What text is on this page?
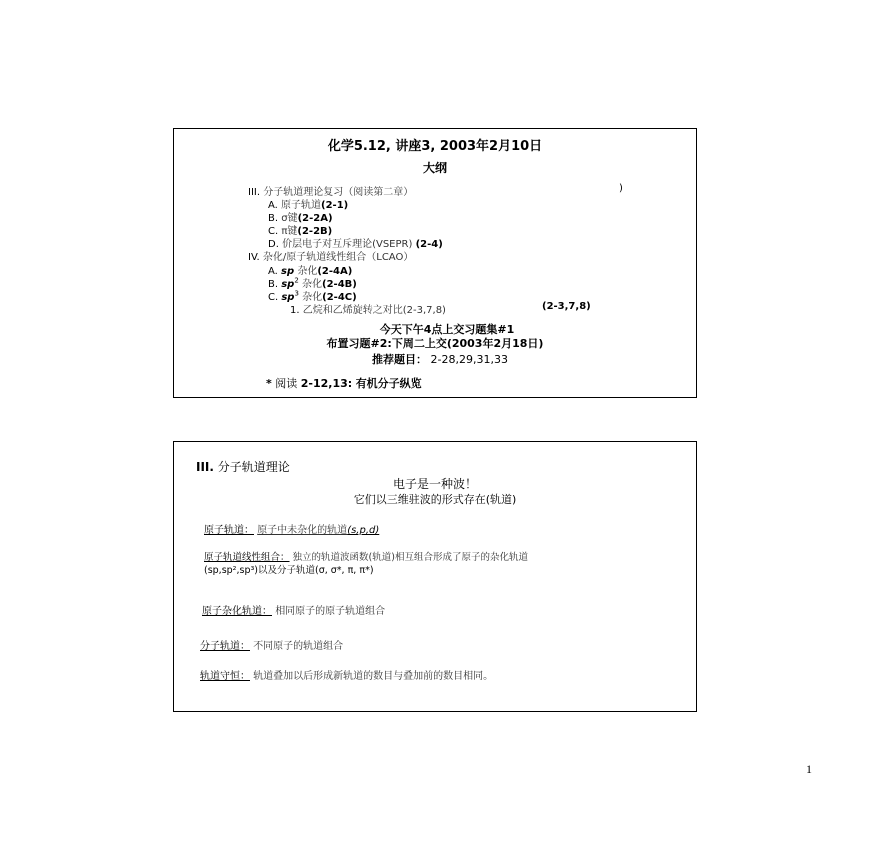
化学5.12, 讲座3, 2003年2月10日
大纲
III. 分子轨道理论复习（阅读第二章）	)
A. 原子轨道(2-1)
B. σ键(2-2A)
C. π键(2-2B)
D. 价层电子对互斥理论(VSEPR) (2-4)
IV. 杂化/原子轨道线性组合（LCAO）
A. sp 杂化(2-4A)
B. $sp^2$ 杂化(2-4B)
C. $sp^3$ 杂化(2-4C)
1. 乙烷和乙烯旋转之对比(2-3,7,8)	(2-3,7,8)
今天下午4点上交习题集#1
布置习题#2:下周二上交(2003年2月18日)
推荐题目： 2-28,29,31,33
* 阅读 2-12,13: 有机分子纵览
III. 分子轨道理论
电子是一种波！
它们以三维驻波的形式存在(轨道)
原子轨道： 原子中未杂化的轨道(s,p,d)
原子轨道线性组合： 独立的轨道波函数(轨道)相互组合形成了原子的杂化轨道
(sp,sp²,sp³)以及分子轨道(σ, σ*, π, π*)
原子杂化轨道： 相同原子的原子轨道组合
分子轨道： 不同原子的轨道组合
轨道守恒： 轨道叠加以后形成新轨道的数目与叠加前的数目相同。
1
